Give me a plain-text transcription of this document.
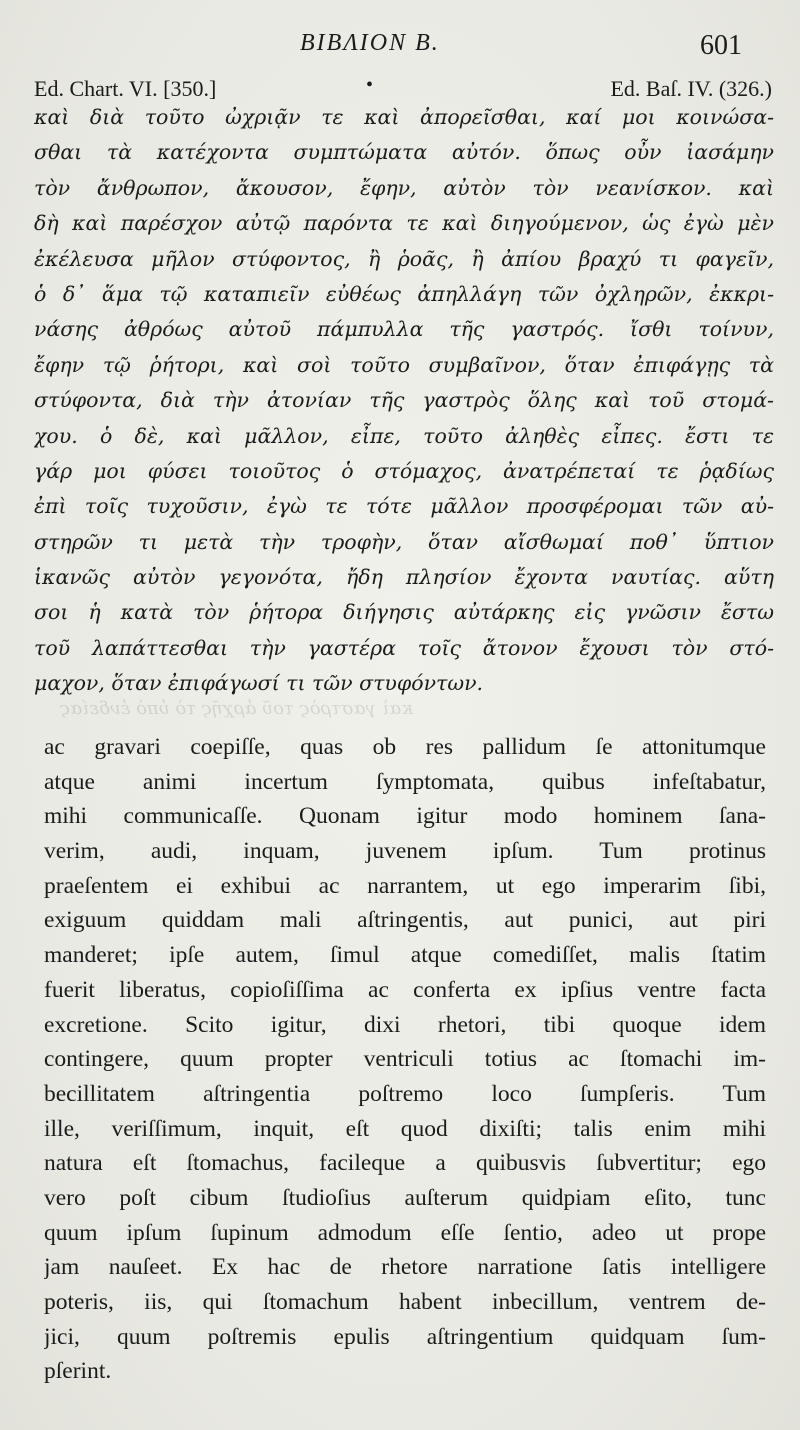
BIBΛΙΟΝ B.	601
Ed. Chart. VI. [350.]	•	Ed. Baſ. IV. (326.)
καὶ διὰ τοῦτο ὠχριᾷν τε καὶ ἀπορεῖσθαι, καί μοι κοινώσα-
σθαι τὰ κατέχοντα συμπτώματα αὐτόν. ὅπως οὖν ἰασάμην
τὸν ἄνθρωπον, ἄκουσον, ἔφην, αὐτὸν τὸν νεανίσκον. καὶ
δὴ καὶ παρέσχον αὐτῷ παρόντα τε καὶ διηγούμενον, ὡς ἐγὼ μὲν
ἐκέλευσα μῆλον στύφοντος, ἢ ῥοᾶς, ἢ ἀπίου βραχύ τι φαγεῖν,
ὁ δ᾽ ἅμα τῷ καταπιεῖν εὐθέως ἀπηλλάγη τῶν ὀχληρῶν, ἐκκρι-
νάσης ἀθρόως αὐτοῦ πάμπυλλα τῆς γαστρός. ἴσθι τοίνυν,
ἔφην τῷ ῥήτορι, καὶ σοὶ τοῦτο συμβαῖνον, ὅταν ἐπιφάγῃς τὰ
στύφοντα, διὰ τὴν ἀτονίαν τῆς γαστρὸς ὅλης καὶ τοῦ στομά-
χου. ὁ δὲ, καὶ μᾶλλον, εἶπε, τοῦτο ἀληθὲς εἶπες. ἔστι τε
γάρ μοι φύσει τοιοῦτος ὁ στόμαχος, ἀνατρέπεταί τε ῥᾳδίως
ἐπὶ τοῖς τυχοῦσιν, ἐγὼ τε τότε μᾶλλον προσφέρομαι τῶν αὐ-
στηρῶν τι μετὰ τὴν τροφὴν, ὅταν αἴσθωμαί ποθ᾽ ὕπτιον
ἱκανῶς αὐτὸν γεγονότα, ἤδη πλησίον ἔχοντα ναυτίας. αὕτη
σοι ἡ κατὰ τὸν ῥήτορα διήγησις αὐτάρκης εἰς γνῶσιν ἔστω
τοῦ λαπάττεσθαι τὴν γαστέρα τοῖς ἄτονον ἔχουσι τὸν στό-
μαχον, ὅταν ἐπιφάγωσί τι τῶν στυφόντων.
καὶ γαστρὸς τοῦ ἀρχῆς τὸ ὑπὸ ἐνδείας
ac gravari coepiſſe, quas ob res pallidum ſe attonitumque
atque animi incertum ſymptomata, quibus infeſtabatur,
mihi communicaſſe. Quonam igitur modo hominem ſana-
verim, audi, inquam, juvenem ipſum. Tum protinus
praeſentem ei exhibui ac narrantem, ut ego imperarim ſibi,
exiguum quiddam mali aſtringentis, aut punici, aut piri
manderet; ipſe autem, ſimul atque comediſſet, malis ſtatim
fuerit liberatus, copioſiſſima ac conferta ex ipſius ventre facta
excretione. Scito igitur, dixi rhetori, tibi quoque idem
contingere, quum propter ventriculi totius ac ſtomachi im-
becillitatem aſtringentia poſtremo loco ſumpſeris. Tum
ille, veriſſimum, inquit, eſt quod dixiſti; talis enim mihi
natura eſt ſtomachus, facileque a quibusvis ſubvertitur; ego
vero poſt cibum ſtudioſius auſterum quidpiam eſito, tunc
quum ipſum ſupinum admodum eſſe ſentio, adeo ut prope
jam nauſeet. Ex hac de rhetore narratione ſatis intelligere
poteris, iis, qui ſtomachum habent inbecillum, ventrem de-
jici, quum poſtremis epulis aſtringentium quidquam ſum-
pſerint.
